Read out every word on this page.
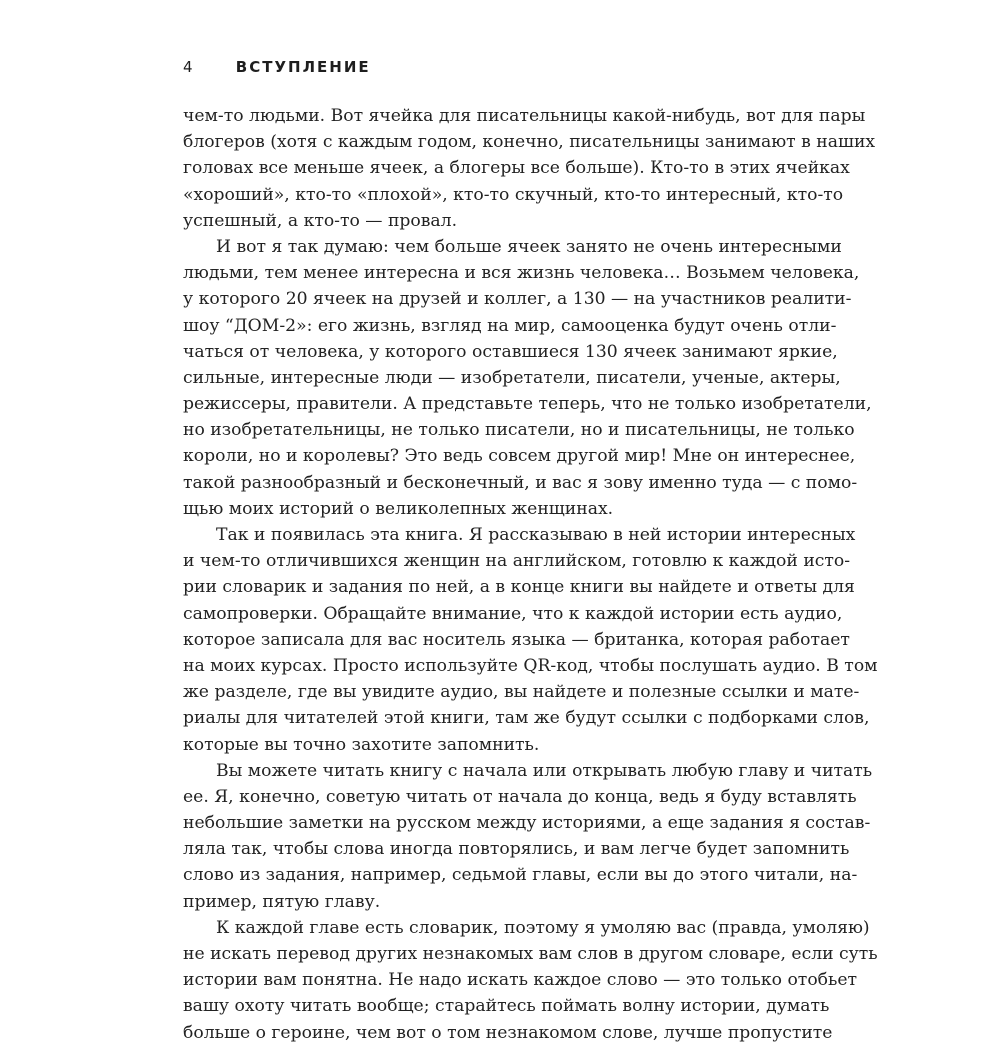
4	ВСТУПЛЕНИЕ
чем-то людьми. Вот ячейка для писательницы какой-нибудь, вот для пары
блогеров (хотя с каждым годом, конечно, писательницы занимают в наших
головах все меньше ячеек, а блогеры все больше). Кто-то в этих ячейках
«хороший», кто-то «плохой», кто-то скучный, кто-то интересный, кто-то
успешный, а кто-то — провал.
И вот я так думаю: чем больше ячеек занято не очень интересными
людьми, тем менее интересна и вся жизнь человека… Возьмем человека,
у которого 20 ячеек на друзей и коллег, а 130 — на участников реалити-
шоу “ДОМ-2»: его жизнь, взгляд на мир, самооценка будут очень отли-
чаться от человека, у которого оставшиеся 130 ячеек занимают яркие,
сильные, интересные люди — изобретатели, писатели, ученые, актеры,
режиссеры, правители. А представьте теперь, что не только изобретатели,
но изобретательницы, не только писатели, но и писательницы, не только
короли, но и королевы? Это ведь совсем другой мир! Мне он интереснее,
такой разнообразный и бесконечный, и вас я зову именно туда — с помо-
щью моих историй о великолепных женщинах.
Так и появилась эта книга. Я рассказываю в ней истории интересных
и чем-то отличившихся женщин на английском, готовлю к каждой исто-
рии словарик и задания по ней, а в конце книги вы найдете и ответы для
самопроверки. Обращайте внимание, что к каждой истории есть аудио,
которое записала для вас носитель языка — британка, которая работает
на моих курсах. Просто используйте QR-код, чтобы послушать аудио. В том
же разделе, где вы увидите аудио, вы найдете и полезные ссылки и мате-
риалы для читателей этой книги, там же будут ссылки с подборками слов,
которые вы точно захотите запомнить.
Вы можете читать книгу с начала или открывать любую главу и читать
ее. Я, конечно, советую читать от начала до конца, ведь я буду вставлять
небольшие заметки на русском между историями, а еще задания я состав-
ляла так, чтобы слова иногда повторялись, и вам легче будет запомнить
слово из задания, например, седьмой главы, если вы до этого читали, на-
пример, пятую главу.
К каждой главе есть словарик, поэтому я умоляю вас (правда, умоляю)
не искать перевод других незнакомых вам слов в другом словаре, если суть
истории вам понятна. Не надо искать каждое слово — это только отобьет
вашу охоту читать вообще; старайтесь поймать волну истории, думать
больше о героине, чем вот о том незнакомом слове, лучше пропустите
